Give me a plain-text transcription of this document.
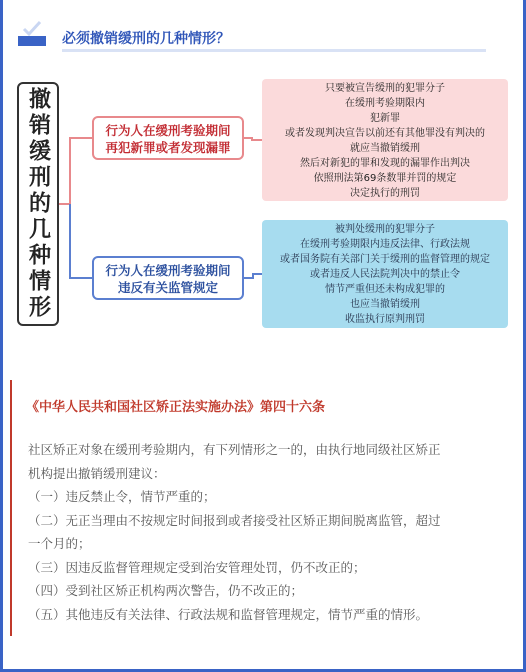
必须撤销缓刑的几种情形？
撤销缓刑的几种情形	行为人在缓刑考验期间
再犯新罪或者发现漏罪
行为人在缓刑考验期间
违反有关监管规定
只要被宣告缓刑的犯罪分子
在缓刑考验期限内
犯新罪
或者发现判决宣告以前还有其他罪没有判决的
就应当撤销缓刑
然后对新犯的罪和发现的漏罪作出判决
依照刑法第69条数罪并罚的规定
决定执行的刑罚
被判处缓刑的犯罪分子
在缓刑考验期限内违反法律、行政法规
或者国务院有关部门关于缓刑的监督管理的规定
或者违反人民法院判决中的禁止令
情节严重但还未构成犯罪的
也应当撤销缓刑
收监执行原判刑罚
《中华人民共和国社区矫正法实施办法》第四十六条
社区矫正对象在缓刑考验期内，有下列情形之一的，由执行地同级社区矫正
机构提出撤销缓刑建议：
（一）违反禁止令，情节严重的；
（二）无正当理由不按规定时间报到或者接受社区矫正期间脱离监管，超过
一个月的；
（三）因违反监督管理规定受到治安管理处罚，仍不改正的；
（四）受到社区矫正机构两次警告，仍不改正的；
（五）其他违反有关法律、行政法规和监督管理规定，情节严重的情形。
